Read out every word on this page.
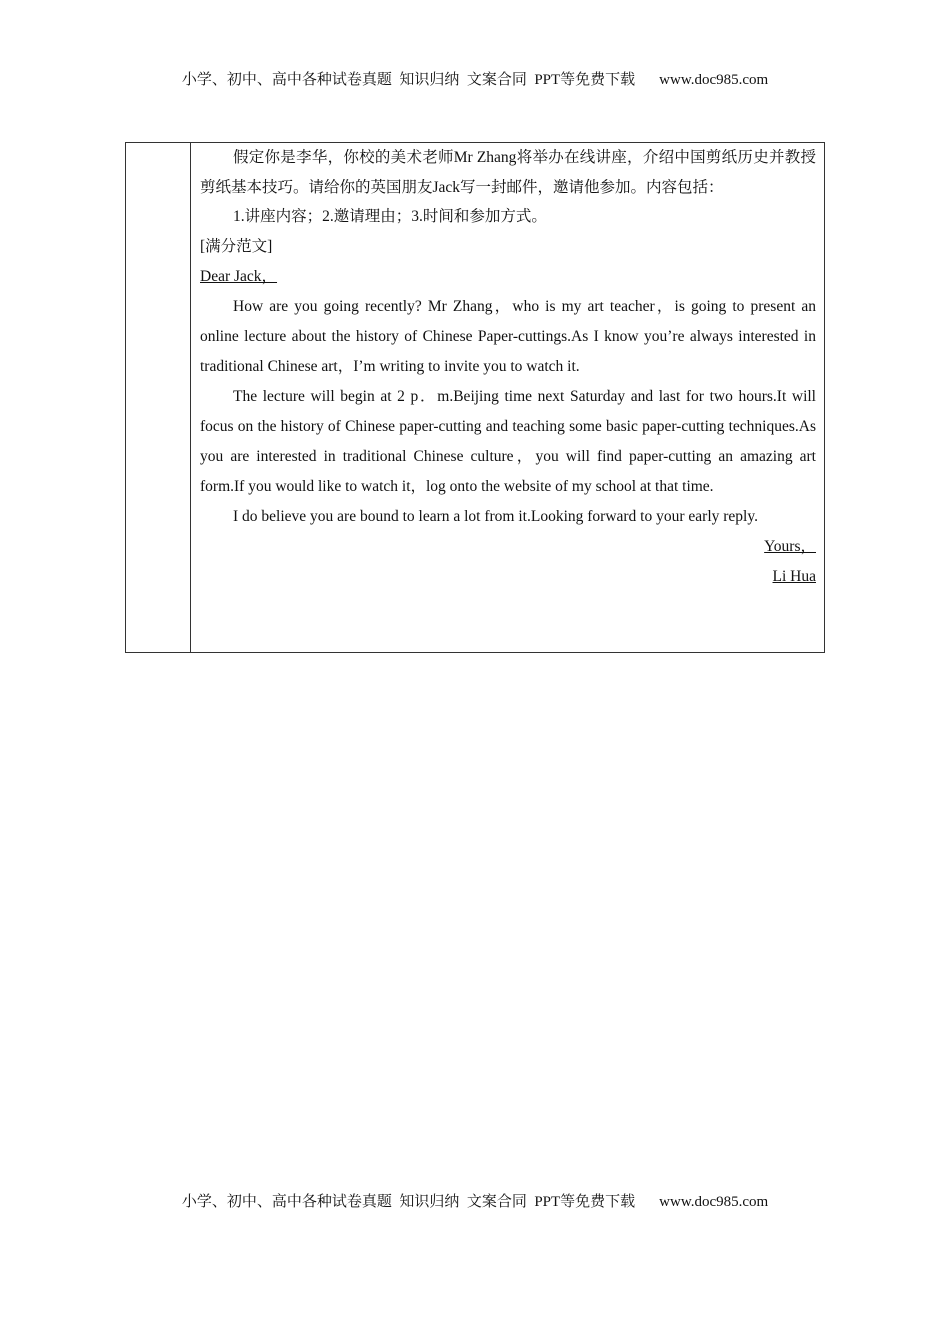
小学、初中、高中各种试卷真题  知识归纳  文案合同  PPT等免费下载 www.doc985.com

假定你是李华，你校的美术老师Mr Zhang将举办在线讲座，介绍中国剪纸历史并教授剪纸基本技巧。请给你的英国朋友Jack写一封邮件，邀请他参加。内容包括：

1.讲座内容；2.邀请理由；3.时间和参加方式。

[满分范文]

Dear Jack，

How are you going recently? Mr Zhang，who is my art teacher，is going to present an online lecture about the history of Chinese Paper-cuttings.As I know you’re always interested in traditional Chinese art，I’m writing to invite you to watch it.

The lecture will begin at 2 p．m.Beijing time next Saturday and last for two hours.It will focus on the history of Chinese paper-cutting and teaching some basic paper-cutting techniques.As you are interested in traditional Chinese culture，you will find paper-cutting an amazing art form.If you would like to watch it，log onto the website of my school at that time.

I do believe you are bound to learn a lot from it.Looking forward to your early reply.

Yours，

Li Hua

小学、初中、高中各种试卷真题  知识归纳  文案合同  PPT等免费下载 www.doc985.com
